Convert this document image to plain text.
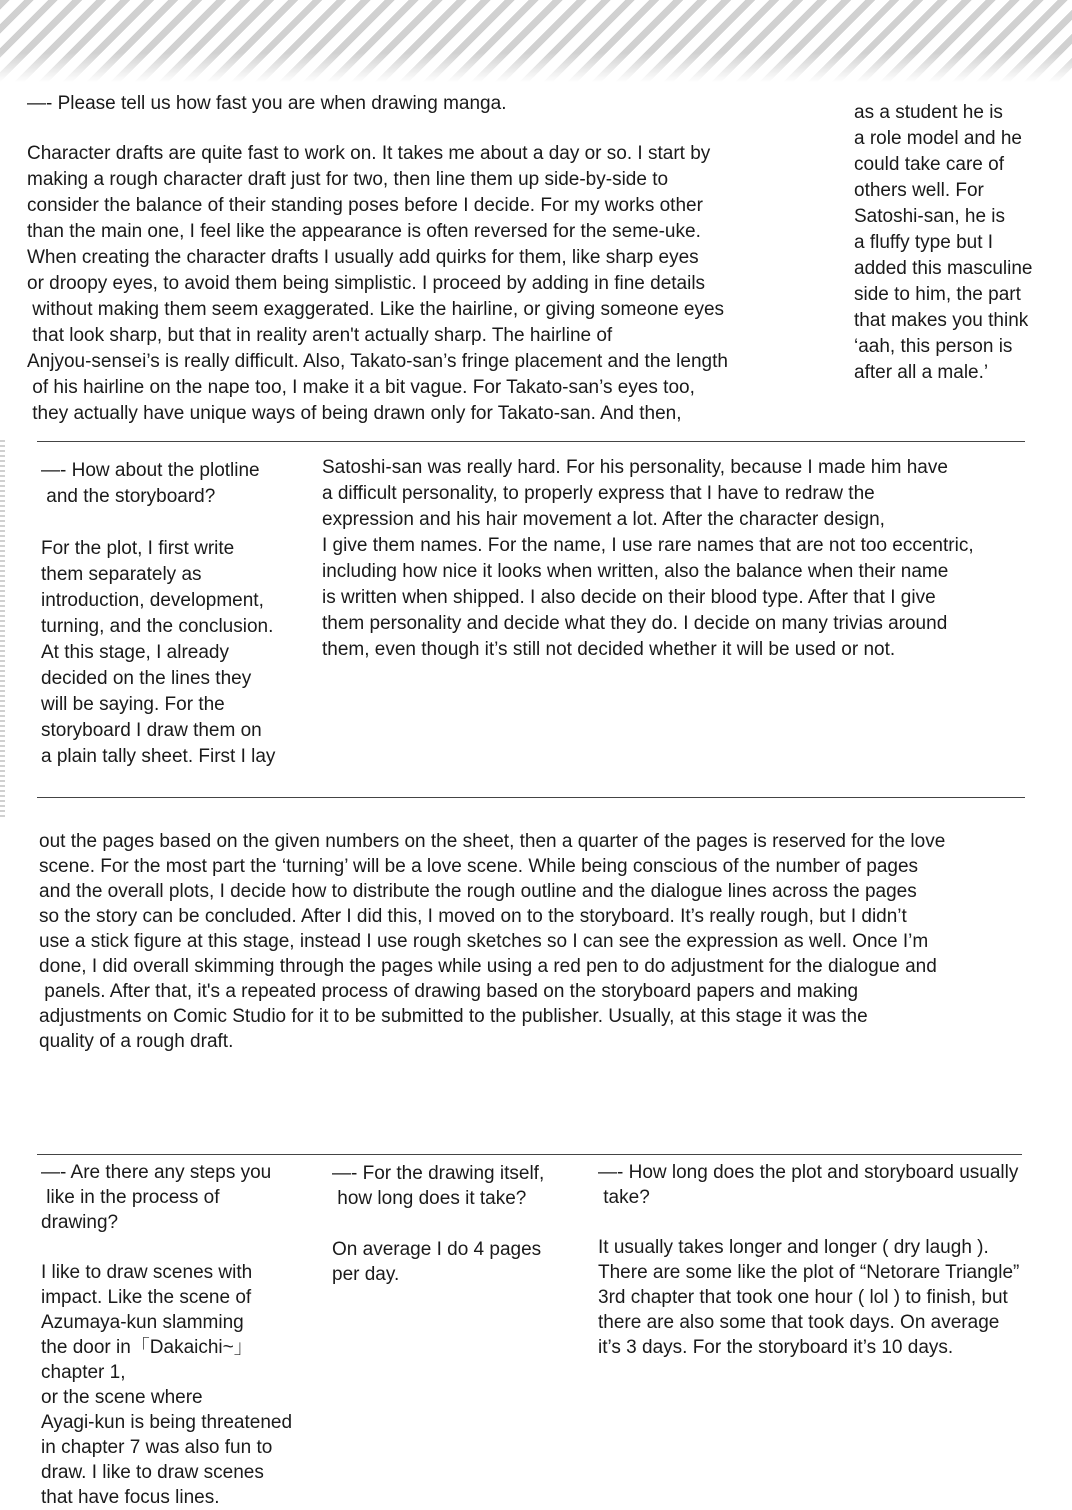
—- Please tell us how fast you are when drawing manga.

Character drafts are quite fast to work on. It takes me about a day or so. I start by

making a rough character draft just for two, then line them up side-by-side to

consider the balance of their standing poses before I decide. For my works other

than the main one, I feel like the appearance is often reversed for the seme-uke.

When creating the character drafts I usually add quirks for them, like sharp eyes

or droopy eyes, to avoid them being simplistic. I proceed by adding in fine details

without making them seem exaggerated. Like the hairline, or giving someone eyes

that look sharp, but that in reality aren't actually sharp. The hairline of

Anjyou-sensei’s is really difficult. Also, Takato-san’s fringe placement and the length

of his hairline on the nape too, I make it a bit vague. For Takato-san’s eyes too,

they actually have unique ways of being drawn only for Takato-san. And then,

as a student he is

a role model and he

could take care of

others well. For

Satoshi-san, he is

a fluffy type but I

added this masculine

side to him, the part

that makes you think

‘aah, this person is

after all a male.’

—- How about the plotline

and the storyboard?

For the plot, I first write

them separately as

introduction, development,

turning, and the conclusion.

At this stage, I already

decided on the lines they

will be saying. For the

storyboard I draw them on

a plain tally sheet. First I lay

Satoshi-san was really hard. For his personality, because I made him have

a difficult personality, to properly express that I have to redraw the

expression and his hair movement a lot. After the character design,

I give them names. For the name, I use rare names that are not too eccentric,

including how nice it looks when written, also the balance when their name

is written when shipped. I also decide on their blood type. After that I give

them personality and decide what they do. I decide on many trivias around

them, even though it’s still not decided whether it will be used or not.

out the pages based on the given numbers on the sheet, then a quarter of the pages is reserved for the love

scene. For the most part the ‘turning’ will be a love scene. While being conscious of the number of pages

and the overall plots, I decide how to distribute the rough outline and the dialogue lines across the pages

so the story can be concluded. After I did this, I moved on to the storyboard. It’s really rough, but I didn’t

use a stick figure at this stage, instead I use rough sketches so I can see the expression as well. Once I’m

done, I did overall skimming through the pages while using a red pen to do adjustment for the dialogue and

panels. After that, it's a repeated process of drawing based on the storyboard papers and making

adjustments on Comic Studio for it to be submitted to the publisher. Usually, at this stage it was the

quality of a rough draft.

—- Are there any steps you

like in the process of

drawing?

I like to draw scenes with

impact. Like the scene of

Azumaya-kun slamming

the door in「Dakaichi~」

chapter 1,

or the scene where

Ayagi-kun is being threatened

in chapter 7 was also fun to

draw. I like to draw scenes

that have focus lines.

—- For the drawing itself,

how long does it take?

On average I do 4 pages

per day.

—- How long does the plot and storyboard usually

take?

It usually takes longer and longer ( dry laugh ).

There are some like the plot of “Netorare Triangle”

3rd chapter that took one hour ( lol ) to finish, but

there are also some that took days. On average

it’s 3 days. For the storyboard it’s 10 days.
